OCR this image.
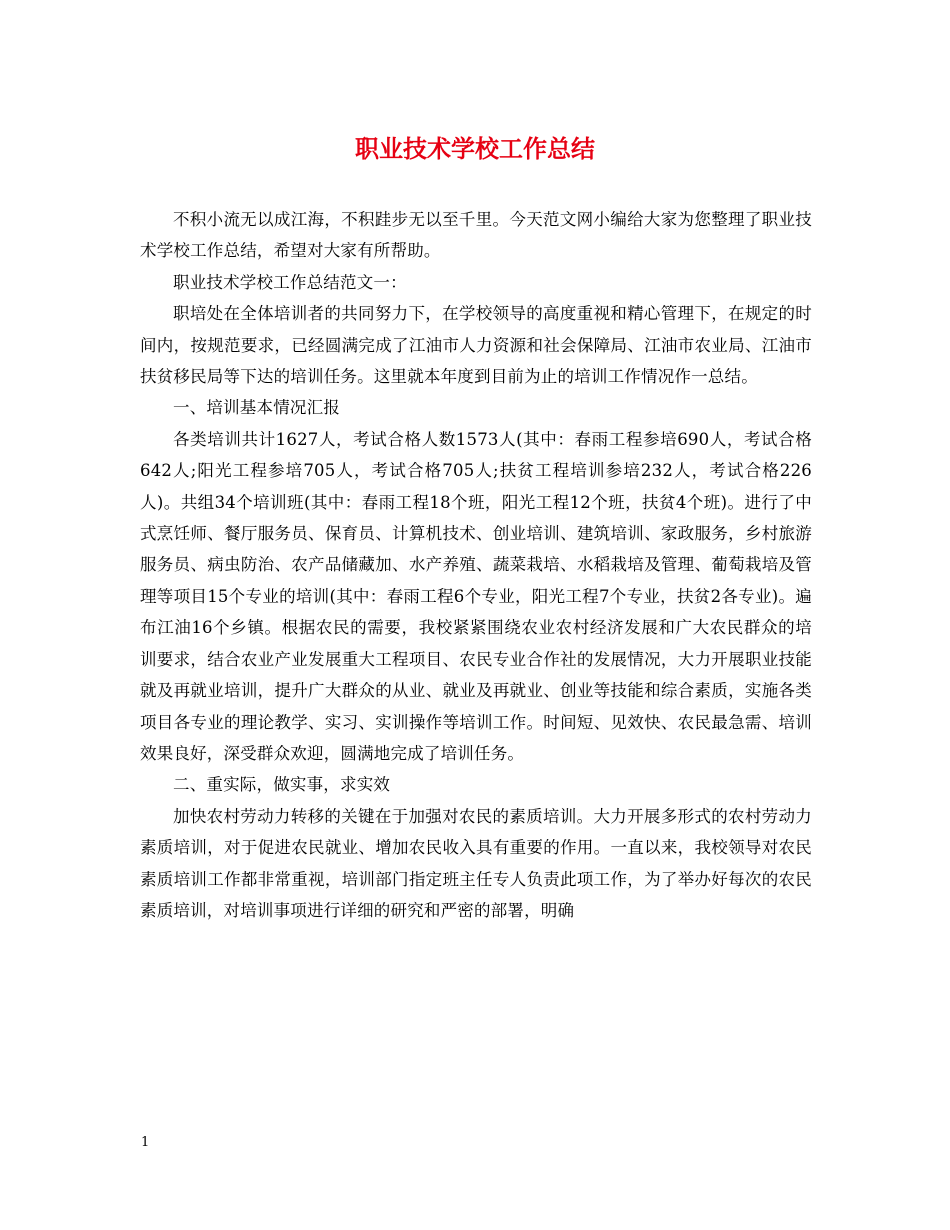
职业技术学校工作总结

不积小流无以成江海，不积跬步无以至千里。今天范文网小编给大家为您整理了职业技术学校工作总结，希望对大家有所帮助。

职业技术学校工作总结范文一：

职培处在全体培训者的共同努力下，在学校领导的高度重视和精心管理下，在规定的时间内，按规范要求，已经圆满完成了江油市人力资源和社会保障局、江油市农业局、江油市扶贫移民局等下达的培训任务。这里就本年度到目前为止的培训工作情况作一总结。

一、培训基本情况汇报

各类培训共计1627人，考试合格人数1573人(其中：春雨工程参培690人，考试合格642人;阳光工程参培705人，考试合格705人;扶贫工程培训参培232人，考试合格226人)。共组34个培训班(其中：春雨工程18个班，阳光工程12个班，扶贫4个班)。进行了中式烹饪师、餐厅服务员、保育员、计算机技术、创业培训、建筑培训、家政服务，乡村旅游服务员、病虫防治、农产品储藏加、水产养殖、蔬菜栽培、水稻栽培及管理、葡萄栽培及管理等项目15个专业的培训(其中：春雨工程6个专业，阳光工程7个专业，扶贫2各专业)。遍布江油16个乡镇。根据农民的需要，我校紧紧围绕农业农村经济发展和广大农民群众的培训要求，结合农业产业发展重大工程项目、农民专业合作社的发展情况，大力开展职业技能就及再就业培训，提升广大群众的从业、就业及再就业、创业等技能和综合素质，实施各类项目各专业的理论教学、实习、实训操作等培训工作。时间短、见效快、农民最急需、培训效果良好，深受群众欢迎，圆满地完成了培训任务。

二、重实际，做实事，求实效

加快农村劳动力转移的关键在于加强对农民的素质培训。大力开展多形式的农村劳动力素质培训，对于促进农民就业、增加农民收入具有重要的作用。一直以来，我校领导对农民素质培训工作都非常重视，培训部门指定班主任专人负责此项工作，为了举办好每次的农民素质培训，对培训事项进行详细的研究和严密的部署，明确

1
